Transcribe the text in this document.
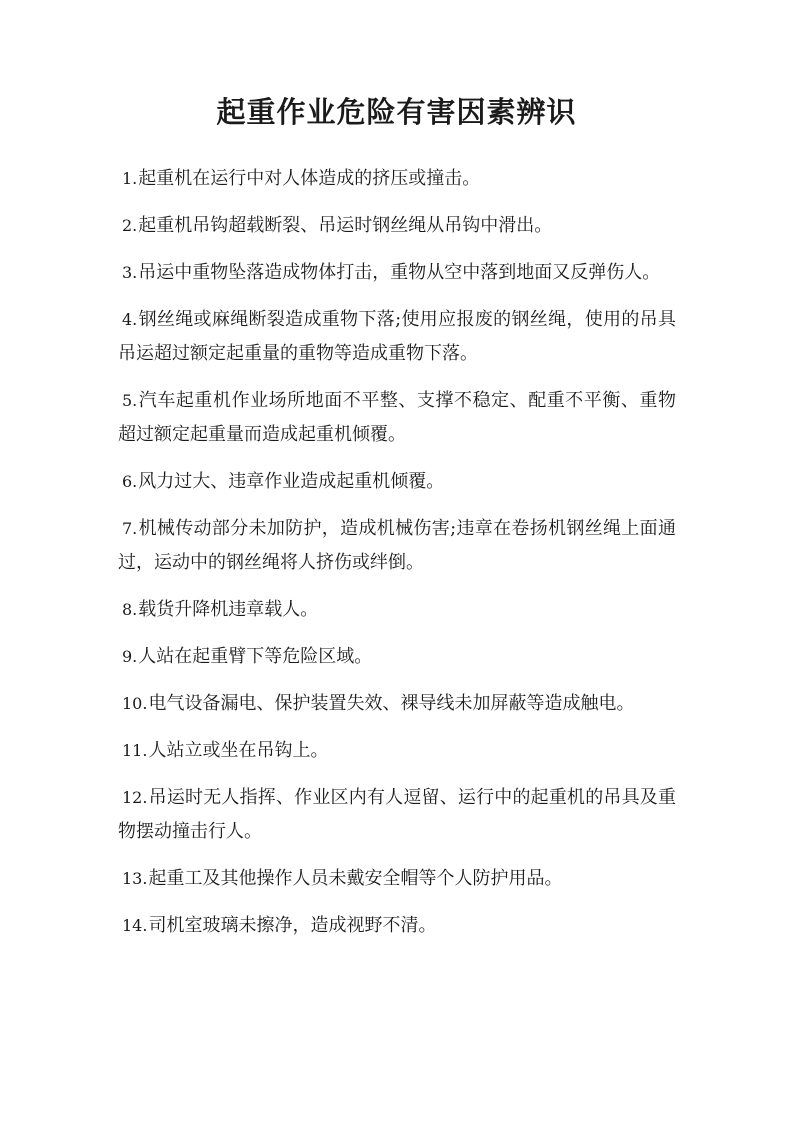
起重作业危险有害因素辨识
1.起重机在运行中对人体造成的挤压或撞击。
2.起重机吊钩超载断裂、吊运时钢丝绳从吊钩中滑出。
3.吊运中重物坠落造成物体打击，重物从空中落到地面又反弹伤人。
4.钢丝绳或麻绳断裂造成重物下落;使用应报废的钢丝绳，使用的吊具吊运超过额定起重量的重物等造成重物下落。
5.汽车起重机作业场所地面不平整、支撑不稳定、配重不平衡、重物超过额定起重量而造成起重机倾覆。
6.风力过大、违章作业造成起重机倾覆。
7.机械传动部分未加防护，造成机械伤害;违章在卷扬机钢丝绳上面通过，运动中的钢丝绳将人挤伤或绊倒。
8.载货升降机违章载人。
9.人站在起重臂下等危险区域。
10.电气设备漏电、保护装置失效、裸导线未加屏蔽等造成触电。
11.人站立或坐在吊钩上。
12.吊运时无人指挥、作业区内有人逗留、运行中的起重机的吊具及重物摆动撞击行人。
13.起重工及其他操作人员未戴安全帽等个人防护用品。
14.司机室玻璃未擦净，造成视野不清。
